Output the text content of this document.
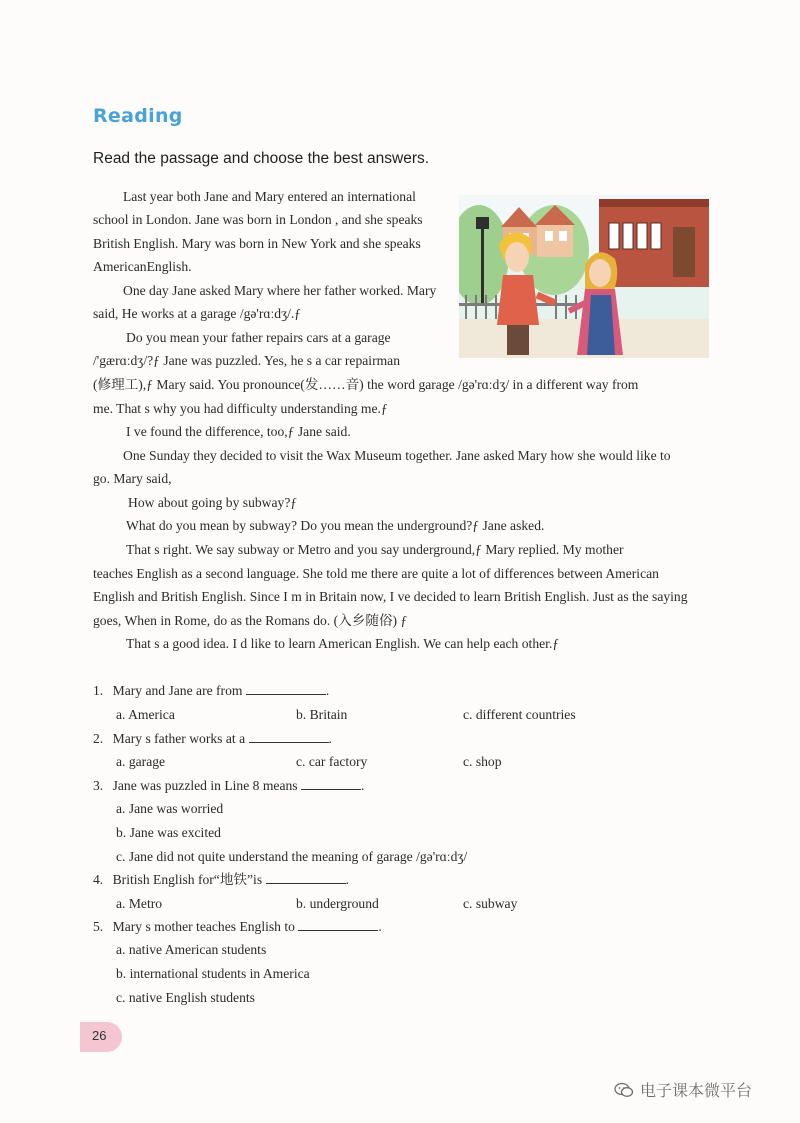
Reading
Read the passage and choose the best answers.
Last year both Jane and Mary entered an international
school in London. Jane was born in London , and she speaks
British English. Mary was born in New York and she speaks
AmericanEnglish.
One day Jane asked Mary where her father worked. Mary
said, He works at a garage /gə'rɑːdʒ/.ƒ
Do you mean your father repairs cars at a garage
/'gærɑːdʒ/?ƒ Jane was puzzled. Yes, he s a car repairman
(修理工),ƒ Mary said. You pronounce(发……音) the word garage /gə'rɑːdʒ/ in a different way from
me. That s why you had difficulty understanding me.ƒ
I ve found the difference, too,ƒ Jane said.
One Sunday they decided to visit the Wax Museum together. Jane asked Mary how she would like to
go. Mary said,
How about going by subway?ƒ
What do you mean by subway? Do you mean the underground?ƒ Jane asked.
That s right. We say subway or Metro and you say underground,ƒ Mary replied. My mother
teaches English as a second language. She told me there are quite a lot of differences between American
English and British English. Since I m in Britain now, I ve decided to learn British English. Just as the saying
goes, When in Rome, do as the Romans do. (入乡随俗) ƒ
That s a good idea. I d like to learn American English. We can help each other.ƒ
1. Mary and Jane are from	.
a. America	b. Britain	c. different countries
2. Mary s father works at a	.
a. garage	c. car factory	c. shop
3. Jane was puzzled in Line 8 means	.
a. Jane was worried
b. Jane was excited
c. Jane did not quite understand the meaning of garage /gə'rɑːdʒ/
4. British English for“地铁”is	.
a. Metro	b. underground	c. subway
5. Mary s mother teaches English to	.
a. native American students
b. international students in America
c. native English students
26
电子课本微平台
